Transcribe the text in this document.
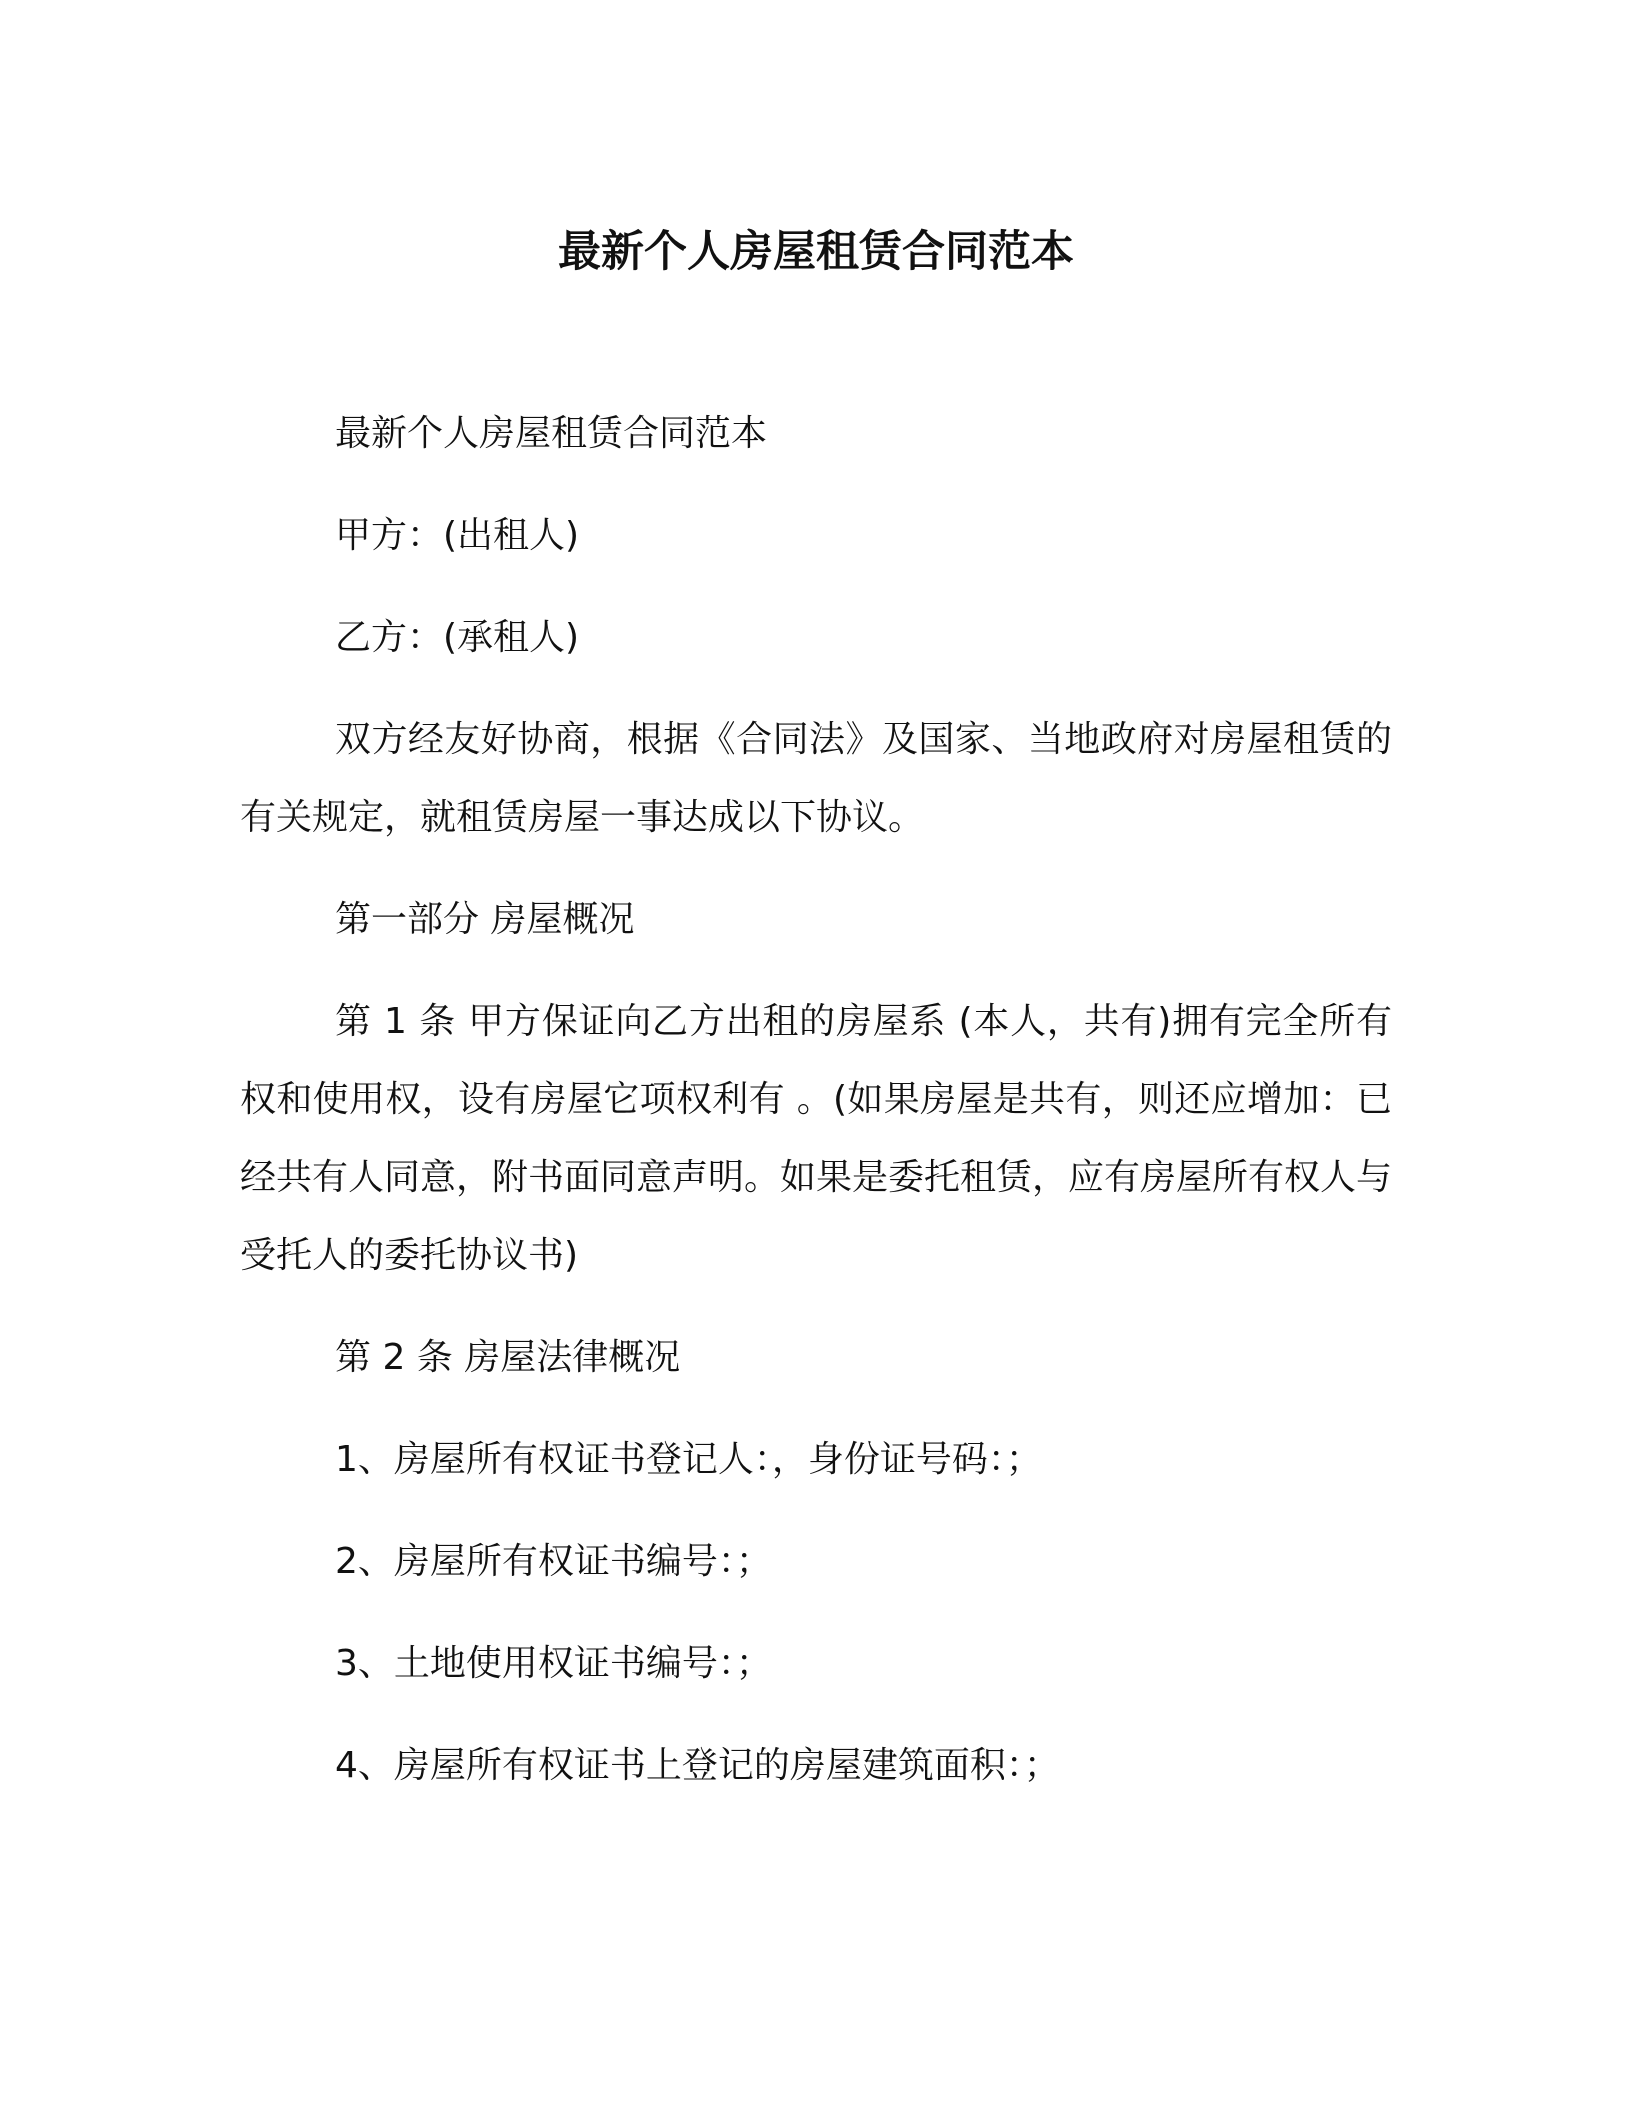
最新个人房屋租赁合同范本

最新个人房屋租赁合同范本

甲方：(出租人)

乙方：(承租人)

双方经友好协商，根据《合同法》及国家、当地政府对房屋租赁的有关规定，就租赁房屋一事达成以下协议。

第一部分 房屋概况

第 1 条 甲方保证向乙方出租的房屋系 (本人，共有)拥有完全所有权和使用权，设有房屋它项权利有 。(如果房屋是共有，则还应增加：已经共有人同意，附书面同意声明。如果是委托租赁，应有房屋所有权人与受托人的委托协议书)

第 2 条 房屋法律概况

1、房屋所有权证书登记人：，身份证号码：；

2、房屋所有权证书编号：；

3、土地使用权证书编号：；

4、房屋所有权证书上登记的房屋建筑面积：；
